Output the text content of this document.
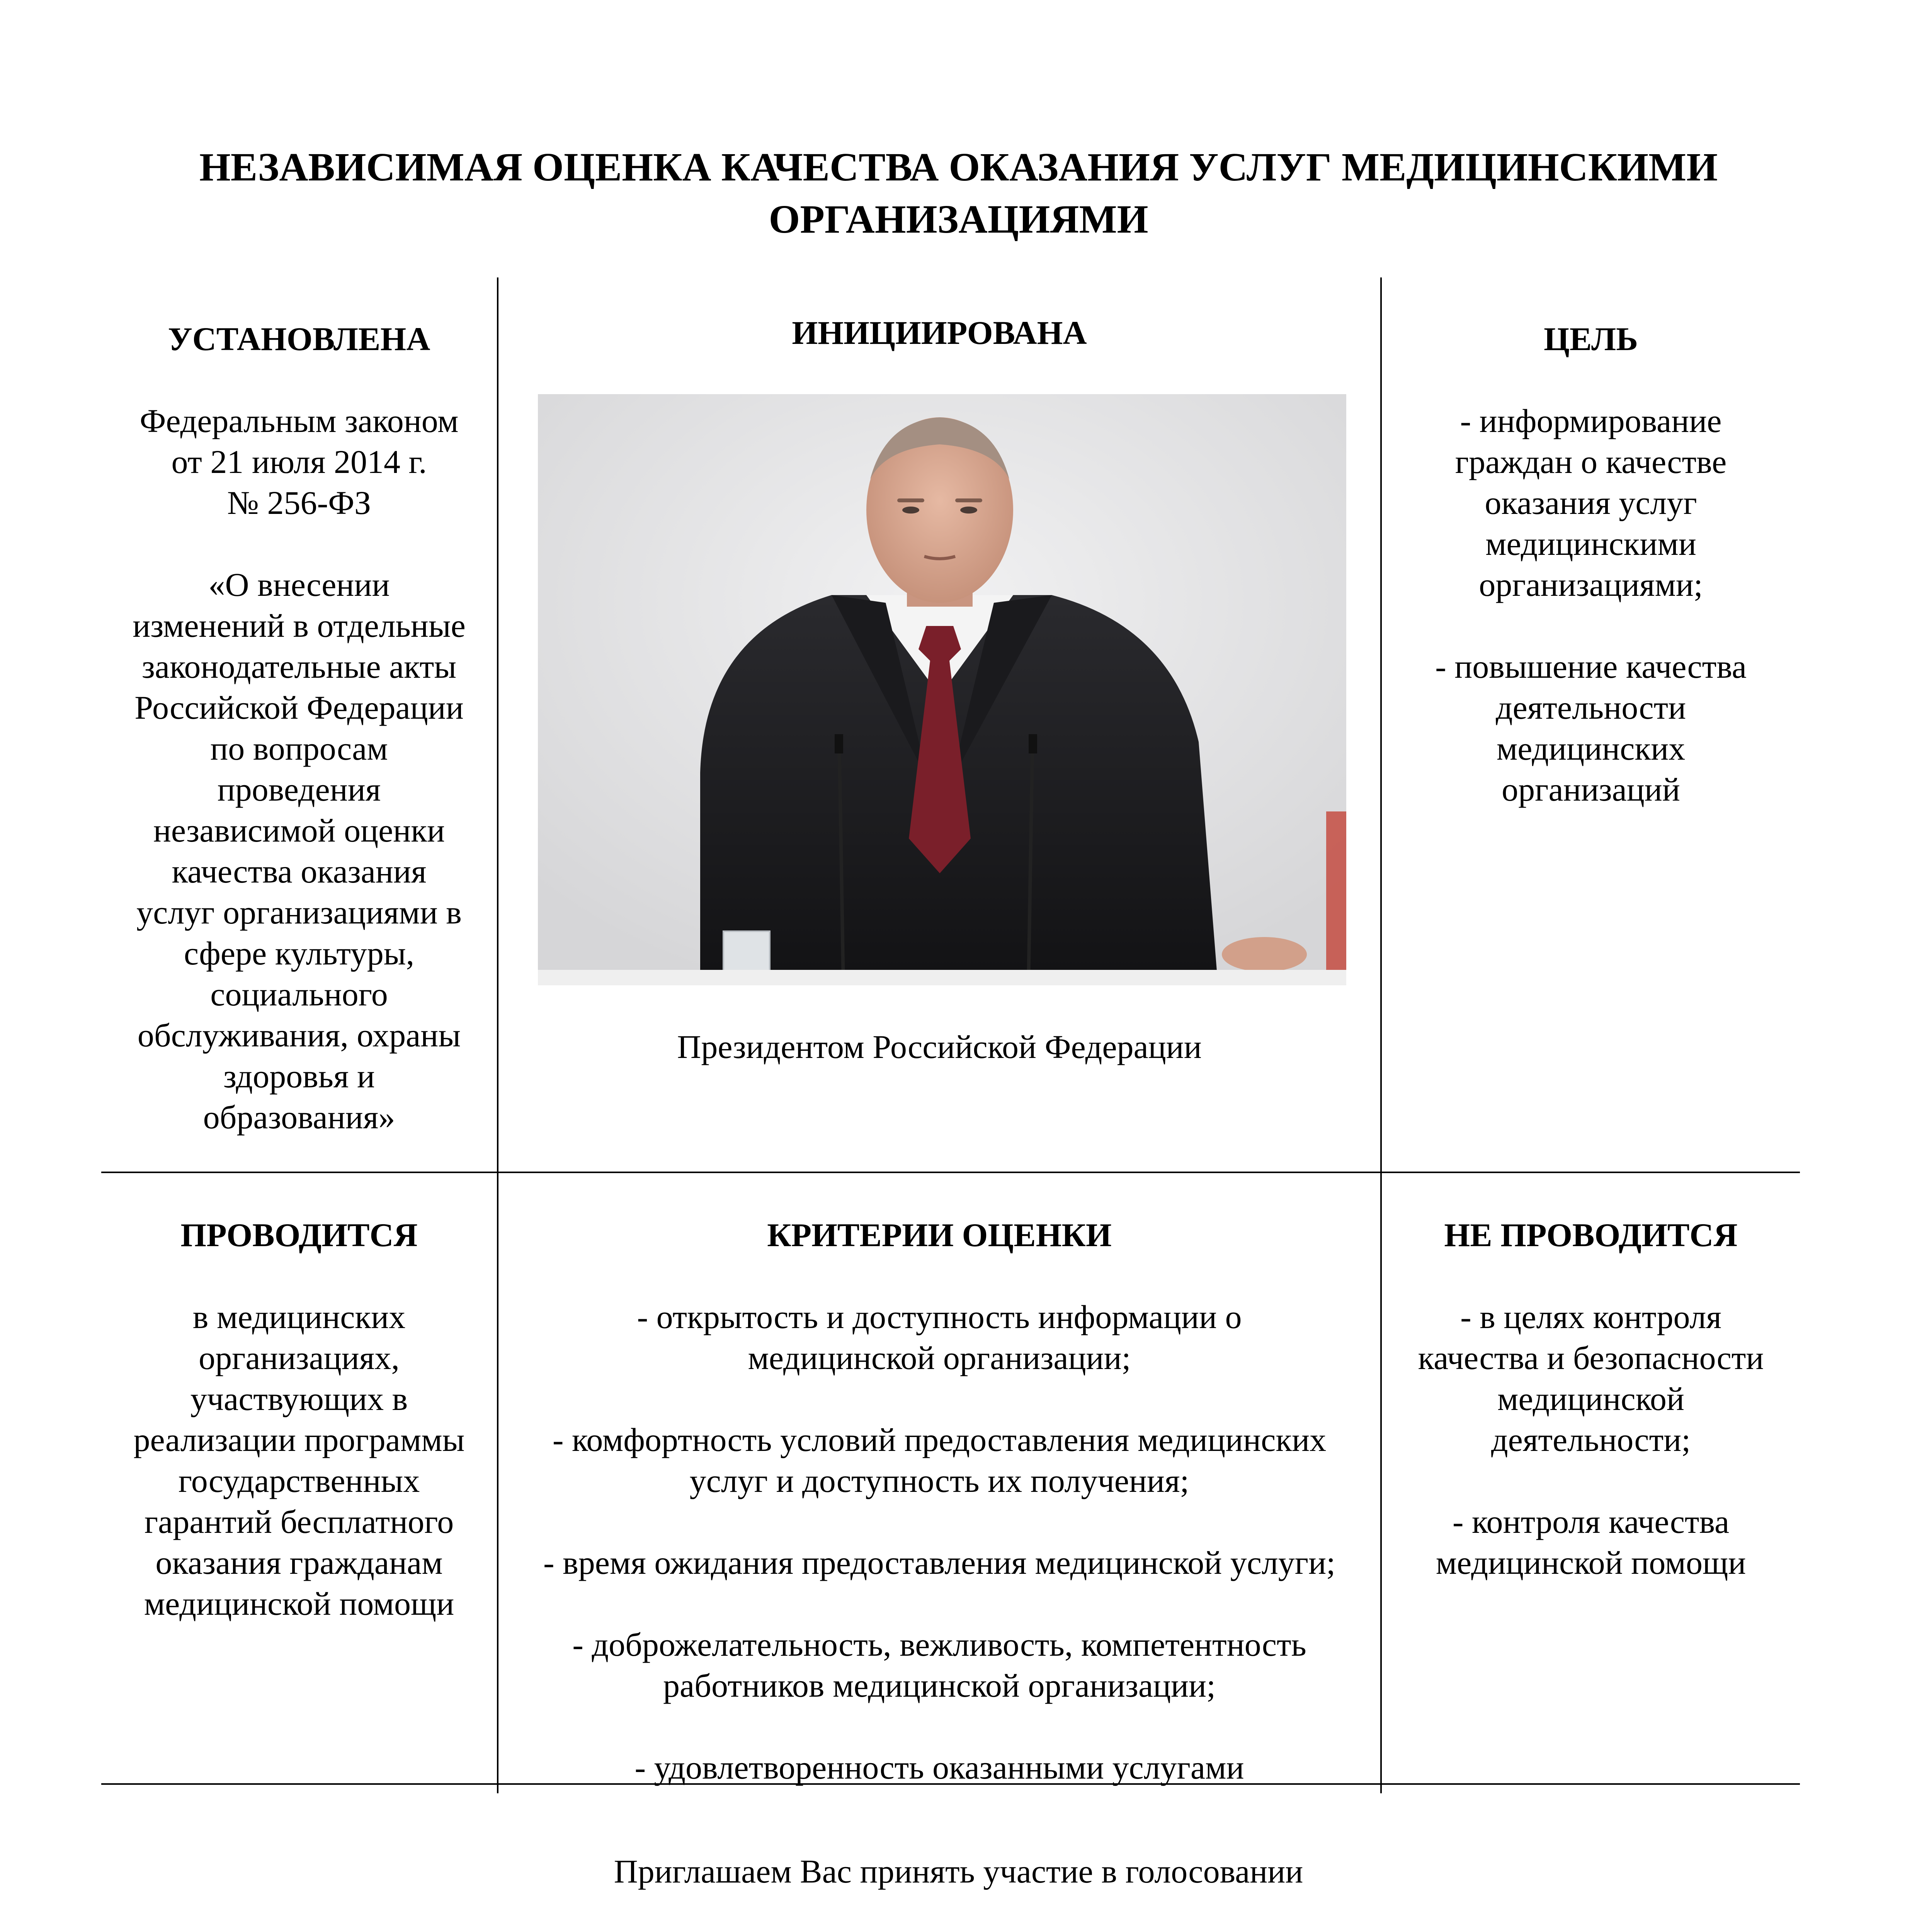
НЕЗАВИСИМАЯ ОЦЕНКА КАЧЕСТВА ОКАЗАНИЯ УСЛУГ МЕДИЦИНСКИМИ
ОРГАНИЗАЦИЯМИ
УСТАНОВЛЕНА
Федеральным законом
от 21 июля 2014 г.
№ 256-ФЗ
«О внесении
изменений в отдельные
законодательные акты
Российской Федерации
по вопросам
проведения
независимой оценки
качества оказания
услуг организациями в
сфере культуры,
социального
обслуживания, охраны
здоровья и
образования»
ИНИЦИИРОВАНА
Президентом Российской Федерации
ЦЕЛЬ
- информирование
граждан о качестве
оказания услуг
медицинскими
организациями;
- повышение качества
деятельности
медицинских
организаций
ПРОВОДИТСЯ
в медицинских
организациях,
участвующих в
реализации программы
государственных
гарантий бесплатного
оказания гражданам
медицинской помощи
КРИТЕРИИ ОЦЕНКИ
- открытость и доступность информации о
медицинской организации;
- комфортность условий предоставления медицинских
услуг и доступность их получения;
- время ожидания предоставления медицинской услуги;
- доброжелательность, вежливость, компетентность
работников медицинской организации;
- удовлетворенность оказанными услугами
НЕ ПРОВОДИТСЯ
- в целях контроля
качества и безопасности
медицинской
деятельности;
- контроля качества
медицинской помощи
Приглашаем Вас принять участие в голосовании
